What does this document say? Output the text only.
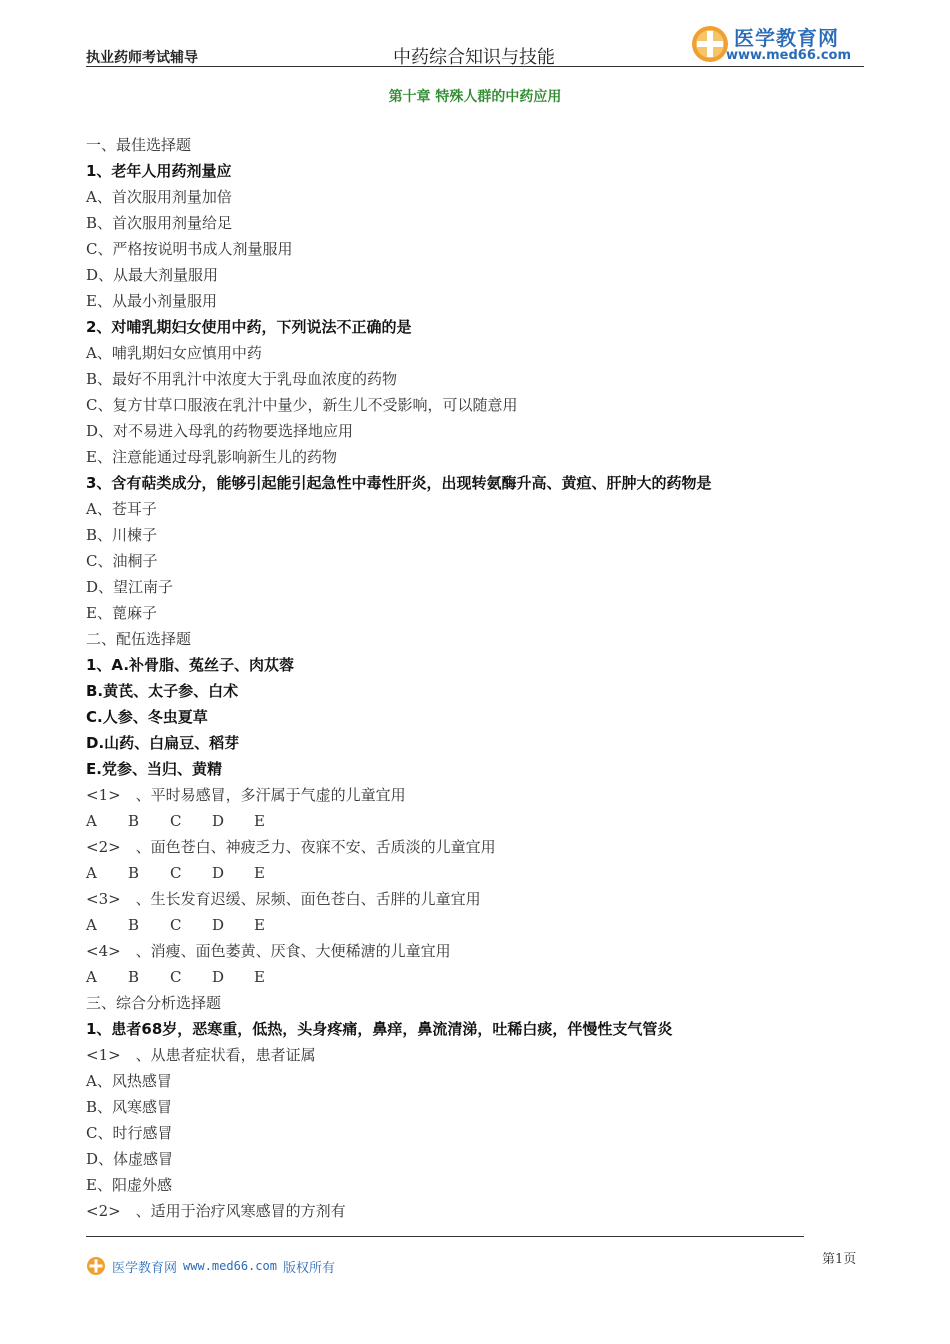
执业药师考试辅导	中药综合知识与技能
医学教育网
www.med66.com
第十章 特殊人群的中药应用
一、最佳选择题
1、老年人用药剂量应
A、首次服用剂量加倍
B、首次服用剂量给足
C、严格按说明书成人剂量服用
D、从最大剂量服用
E、从最小剂量服用
2、对哺乳期妇女使用中药，下列说法不正确的是
A、哺乳期妇女应慎用中药
B、最好不用乳汁中浓度大于乳母血浓度的药物
C、复方甘草口服液在乳汁中量少，新生儿不受影响，可以随意用
D、对不易进入母乳的药物要选择地应用
E、注意能通过母乳影响新生儿的药物
3、含有萜类成分，能够引起能引起急性中毒性肝炎，出现转氨酶升高、黄疸、肝肿大的药物是
A、苍耳子
B、川楝子
C、油桐子
D、望江南子
E、蓖麻子
二、配伍选择题
1、A.补骨脂、菟丝子、肉苁蓉
B.黄芪、太子参、白术
C.人参、冬虫夏草
D.山药、白扁豆、稻芽
E.党参、当归、黄精
<1>　、平时易感冒，多汗属于气虚的儿童宜用
A B C D E
<2>　、面色苍白、神疲乏力、夜寐不安、舌质淡的儿童宜用
A B C D E
<3>　、生长发育迟缓、尿频、面色苍白、舌胖的儿童宜用
A B C D E
<4>　、消瘦、面色萎黄、厌食、大便稀溏的儿童宜用
A B C D E
三、综合分析选择题
1、患者68岁，恶寒重，低热，头身疼痛，鼻痒，鼻流清涕，吐稀白痰，伴慢性支气管炎
<1>　、从患者症状看，患者证属
A、风热感冒
B、风寒感冒
C、时行感冒
D、体虚感冒
E、阳虚外感
<2>　、适用于治疗风寒感冒的方剂有
第1页
医学教育网 www.med66.com 版权所有
